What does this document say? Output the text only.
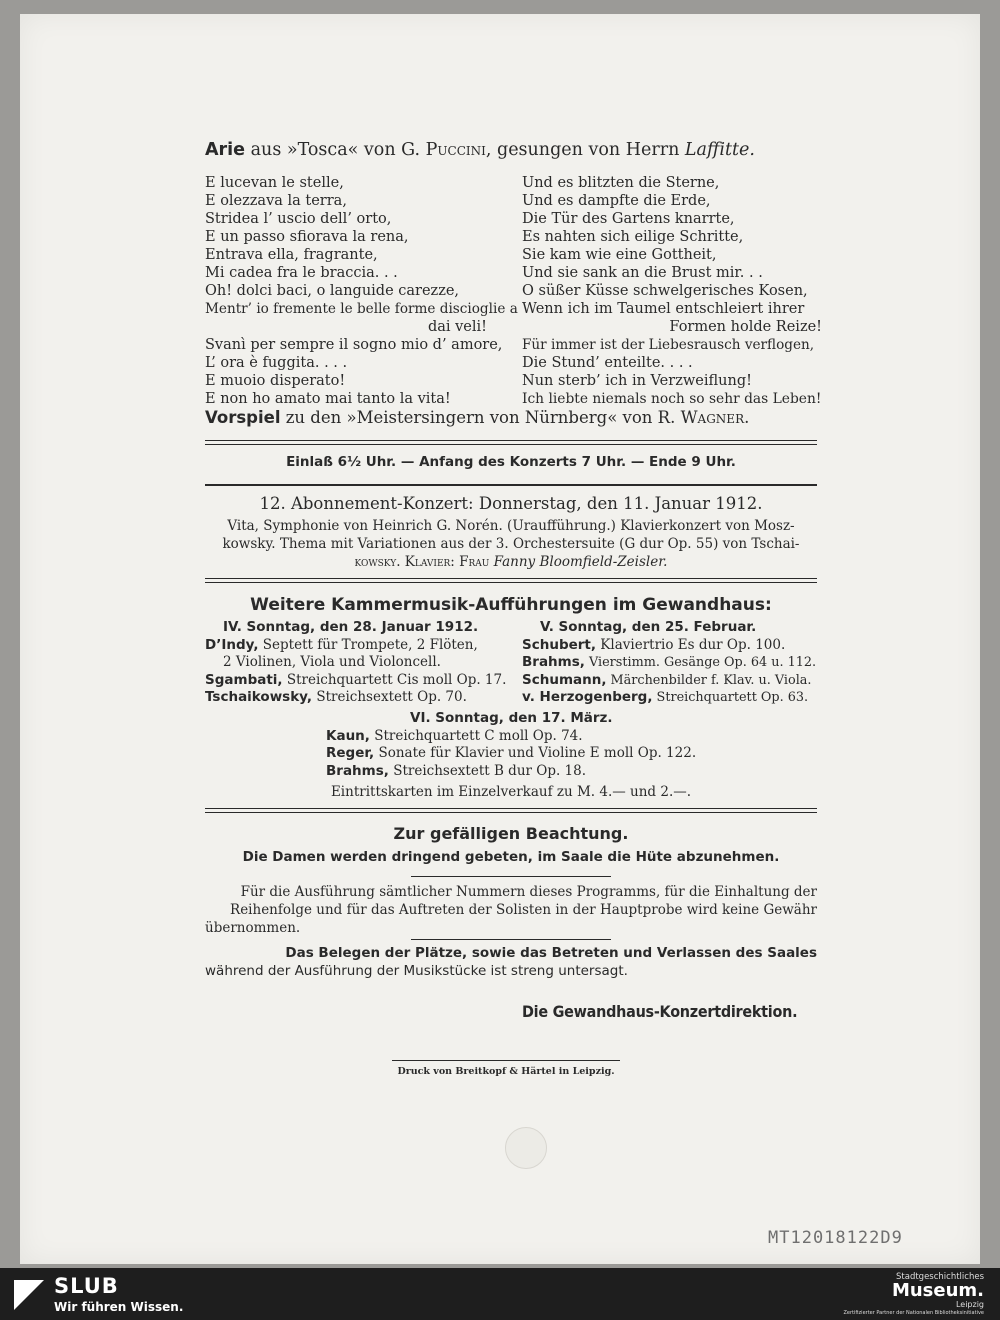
Arie aus »Tosca« von G. Puccini, gesungen von Herrn Laffitte.
E lucevan le stelle,
E olezzava la terra,
Stridea l’ uscio dell’ orto,
E un passo sfiorava la rena,
Entrava ella, fragrante,
Mi cadea fra le braccia. . .
Oh! dolci baci, o languide carezze,
Mentr’ io fremente le belle forme discioglie a
dai veli!
Svanì per sempre il sogno mio d’ amore,
L’ ora è fuggita. . . .
E muoio disperato!
E non ho amato mai tanto la vita!
Und es blitzten die Sterne,
Und es dampfte die Erde,
Die Tür des Gartens knarrte,
Es nahten sich eilige Schritte,
Sie kam wie eine Gottheit,
Und sie sank an die Brust mir. . .
O süßer Küsse schwelgerisches Kosen,
Wenn ich im Taumel entschleiert ihrer
Formen holde Reize!
Für immer ist der Liebesrausch verflogen,
Die Stund’ enteilte. . . .
Nun sterb’ ich in Verzweiflung!
Ich liebte niemals noch so sehr das Leben!
Vorspiel zu den »Meistersingern von Nürnberg« von R. Wagner.
Einlaß 6½ Uhr. — Anfang des Konzerts 7 Uhr. — Ende 9 Uhr.
12. Abonnement-Konzert: Donnerstag, den 11. Januar 1912.
Vita, Symphonie von Heinrich G. Norén. (Uraufführung.) Klavierkonzert von Mosz-
kowsky. Thema mit Variationen aus der 3. Orchestersuite (G dur Op. 55) von Tschai-
kowsky. Klavier: Frau Fanny Bloomfield-Zeisler.
Weitere Kammermusik-Aufführungen im Gewandhaus:
IV. Sonntag, den 28. Januar 1912.
D’Indy, Septett für Trompete, 2 Flöten,
2 Violinen, Viola und Violoncell.
Sgambati, Streichquartett Cis moll Op. 17.
Tschaikowsky, Streichsextett Op. 70.
V. Sonntag, den 25. Februar.
Schubert, Klaviertrio Es dur Op. 100.
Brahms, Vierstimm. Gesänge Op. 64 u. 112.
Schumann, Märchenbilder f. Klav. u. Viola.
v. Herzogenberg, Streichquartett Op. 63.
VI. Sonntag, den 17. März.
Kaun, Streichquartett C moll Op. 74.
Reger, Sonate für Klavier und Violine E moll Op. 122.
Brahms, Streichsextett B dur Op. 18.
Eintrittskarten im Einzelverkauf zu M. 4.— und 2.—.
Zur gefälligen Beachtung.
Die Damen werden dringend gebeten, im Saale die Hüte abzunehmen.
Für die Ausführung sämtlicher Nummern dieses Programms, für die Einhaltung der
Reihenfolge und für das Auftreten der Solisten in der Hauptprobe wird keine Gewähr
übernommen.
Das Belegen der Plätze, sowie das Betreten und Verlassen des Saales
während der Ausführung der Musikstücke ist streng untersagt.
Die Gewandhaus-Konzertdirektion.
Druck von Breitkopf & Härtel in Leipzig.
MT12018122D9
SLUB
Wir führen Wissen.
Stadtgeschichtliches
Museum.
Leipzig
Zertifizierter Partner der Nationalen Bibliotheksinitiative
